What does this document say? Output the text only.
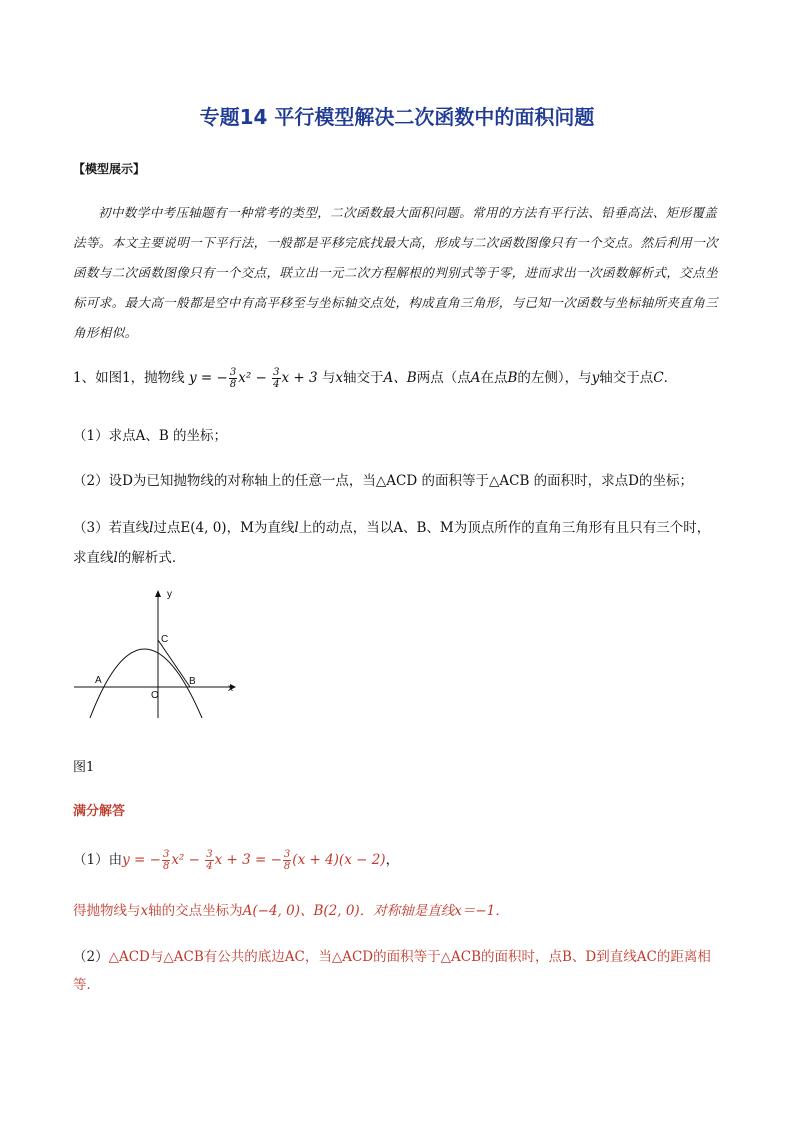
专题14 平行模型解决二次函数中的面积问题
【模型展示】
初中数学中考压轴题有一种常考的类型，二次函数最大面积问题。常用的方法有平行法、铅垂高法、矩形覆盖法等。本文主要说明一下平行法，一般都是平移完底找最大高，形成与二次函数图像只有一个交点。然后利用一次函数与二次函数图像只有一个交点，联立出一元二次方程解根的判别式等于零，进而求出一次函数解析式，交点坐标可求。最大高一般都是空中有高平移至与坐标轴交点处，构成直角三角形，与已知一次函数与坐标轴所夹直角三角形相似。
1、如图1，抛物线 y = − $\frac{3}{8} x^2 - \frac{3}{4}$ x + 3 与x轴交于A、B两点（点A在点B的左侧），与y轴交于点C．
（1）求点A、B 的坐标；
（2）设D为已知抛物线的对称轴上的任意一点，当△ACD 的面积等于△ACB 的面积时，求点D的坐标；
（3）若直线l过点E(4, 0)，M为直线l上的动点，当以A、B、M为顶点所作的直角三角形有且只有三个时，求直线l的解析式．
y
x
A	B
C
O
图1
满分解答
（1）由y = − $\frac{3}{8} x^2 - \frac{3}{4}$ x + 3 = − $\frac{3}{8} (x + 4)(x - 2)$，
得抛物线与x轴的交点坐标为A(−4, 0)、B(2, 0)．对称轴是直线x＝−1．
（2）△ACD与△ACB有公共的底边AC，当△ACD的面积等于△ACB的面积时，点B、D到直线AC的距离相等．
